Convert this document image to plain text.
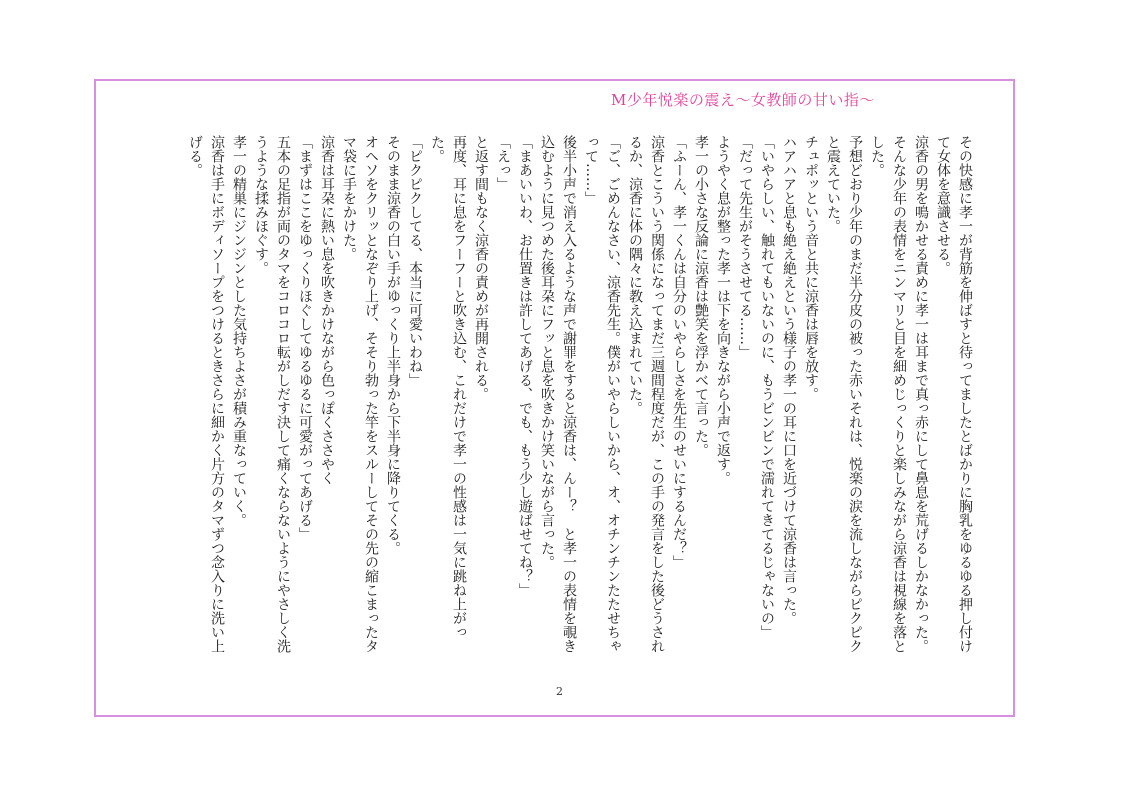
M少年悦楽の震え～女教師の甘い指～

その快感に孝一が背筋を伸ばすと待ってましたとばかりに胸乳をゆるゆる押し付けて女体を意識させる。

涼香の男を鳴かせる責めに孝一は耳まで真っ赤にして鼻息を荒げるしかなかった。

そんな少年の表情をニンマリと目を細めじっくりと楽しみながら涼香は視線を落とした。

予想どおり少年のまだ半分皮の被った赤いそれは、悦楽の涙を流しながらピクピクと震えていた。

チュポッという音と共に涼香は唇を放す。

ハアハアと息も絶え絶えという様子の孝一の耳に口を近づけて涼香は言った。

「いやらしい、触れてもいないのに、もうビンビンで濡れてきてるじゃないの」

「だって先生がそうさせてる……」

ようやく息が整った孝一は下を向きながら小声で返す。

孝一の小さな反論に涼香は艶笑を浮かべて言った。

「ふーん、孝一くんは自分のいやらしさを先生のせいにするんだ？」

涼香とこういう関係になってまだ三週間程度だが、この手の発言をした後どうされるか、涼香に体の隅々に教え込まれていた。

「ご、ごめんなさい、涼香先生。僕がいやらしいから、オ、オチンチンたたせちゃって……」

後半小声で消え入るような声で謝罪をすると涼香は、んー？　と孝一の表情を覗き込むように見つめた後耳朶にフッと息を吹きかけ笑いながら言った。

「まあいいわ、お仕置きは許してあげる、でも、もう少し遊ばせてね？」

「えっ」

と返す間もなく涼香の責めが再開される。

再度、耳に息をフーフーと吹き込む、これだけで孝一の性感は一気に跳ね上がった。

「ピクピクしてる、本当に可愛いわね」

そのまま涼香の白い手がゆっくり上半身から下半身に降りてくる。

オヘソをクリッとなぞり上げ、そそり勃った竿をスルーしてその先の縮こまったタマ袋に手をかけた。

涼香は耳朶に熱い息を吹きかけながら色っぽくささやく

「まずはここをゆっくりほぐしてゆるゆるに可愛がってあげる」

五本の足指が両のタマをコロコロ転がしだす決して痛くならないようにやさしく洗うような揉みほぐす。

孝一の精巣にジンジンとした気持ちよさが積み重なっていく。

涼香は手にボディソープをつけるときさらに細かく片方のタマずつ念入りに洗い上げる。

2
